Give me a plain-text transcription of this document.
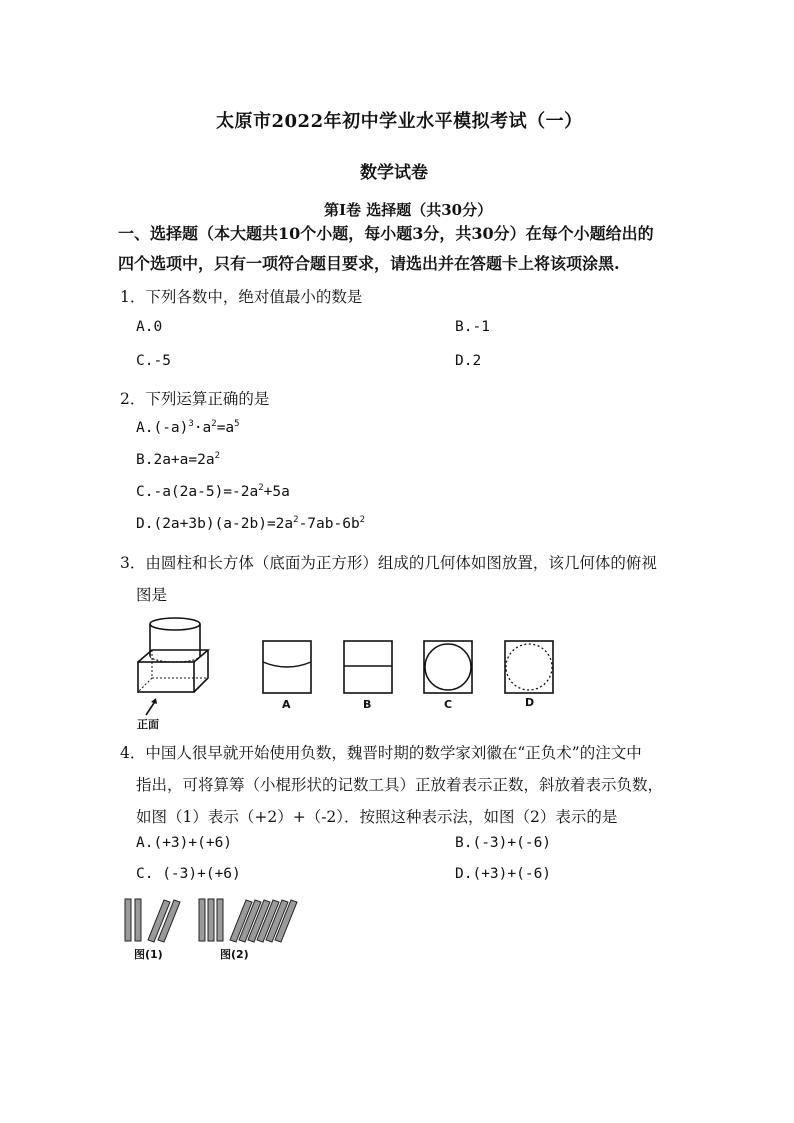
太原市2022年初中学业水平模拟考试（一）
数学试卷
第Ⅰ卷 选择题（共30分）
一、选择题（本大题共10个小题，每小题3分，共30分）在每个小题给出的
四个选项中，只有一项符合题目要求，请选出并在答题卡上将该项涂黑.
1．下列各数中，绝对值最小的数是
A.0	B.-1
C.-5	D.2
2．下列运算正确的是
$A.(-a)^3\cdot a^2=a^5$
$B.2a+a=2a^2$
$C.-a(2a-5)=-2a^2+5a$
$D.(2a+3b)(a-2b)=2a^2-7ab-6b^2$
3．由圆柱和长方体（底面为正方形）组成的几何体如图放置，该几何体的俯视
图是
正面
A	B	C	D
4．中国人很早就开始使用负数，魏晋时期的数学家刘徽在“正负术”的注文中
指出，可将算筹（小棍形状的记数工具）正放着表示正数，斜放着表示负数，
如图（1）表示（+2）+（-2）．按照这种表示法，如图（2）表示的是
A.(+3)+(+6)	B.(-3)+(-6)
C. (-3)+(+6)	D.(+3)+(-6)
图(1)	图(2)
